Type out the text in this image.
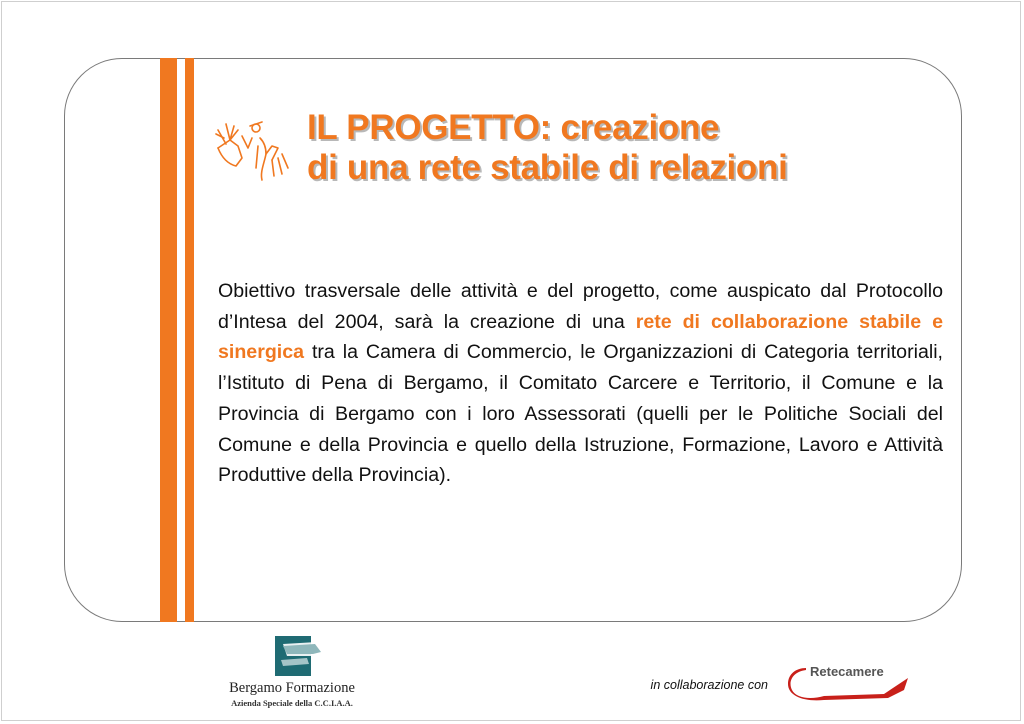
IL PROGETTO: creazione
di una rete stabile di relazioni

Obiettivo trasversale delle attività e del progetto, come auspicato dal Protocollo d’Intesa del 2004, sarà la creazione di una rete di collaborazione stabile e sinergica tra la Camera di Commercio, le Organizzazioni di Categoria territoriali, l’Istituto di Pena di Bergamo, il Comitato Carcere e Territorio, il Comune e la Provincia di Bergamo con i loro Assessorati (quelli per le Politiche Sociali del Comune e della Provincia e quello della Istruzione, Formazione, Lavoro e Attività Produttive della Provincia).

Bergamo Formazione
Azienda Speciale della C.C.I.A.A.
in collaborazione con
Retecamere
